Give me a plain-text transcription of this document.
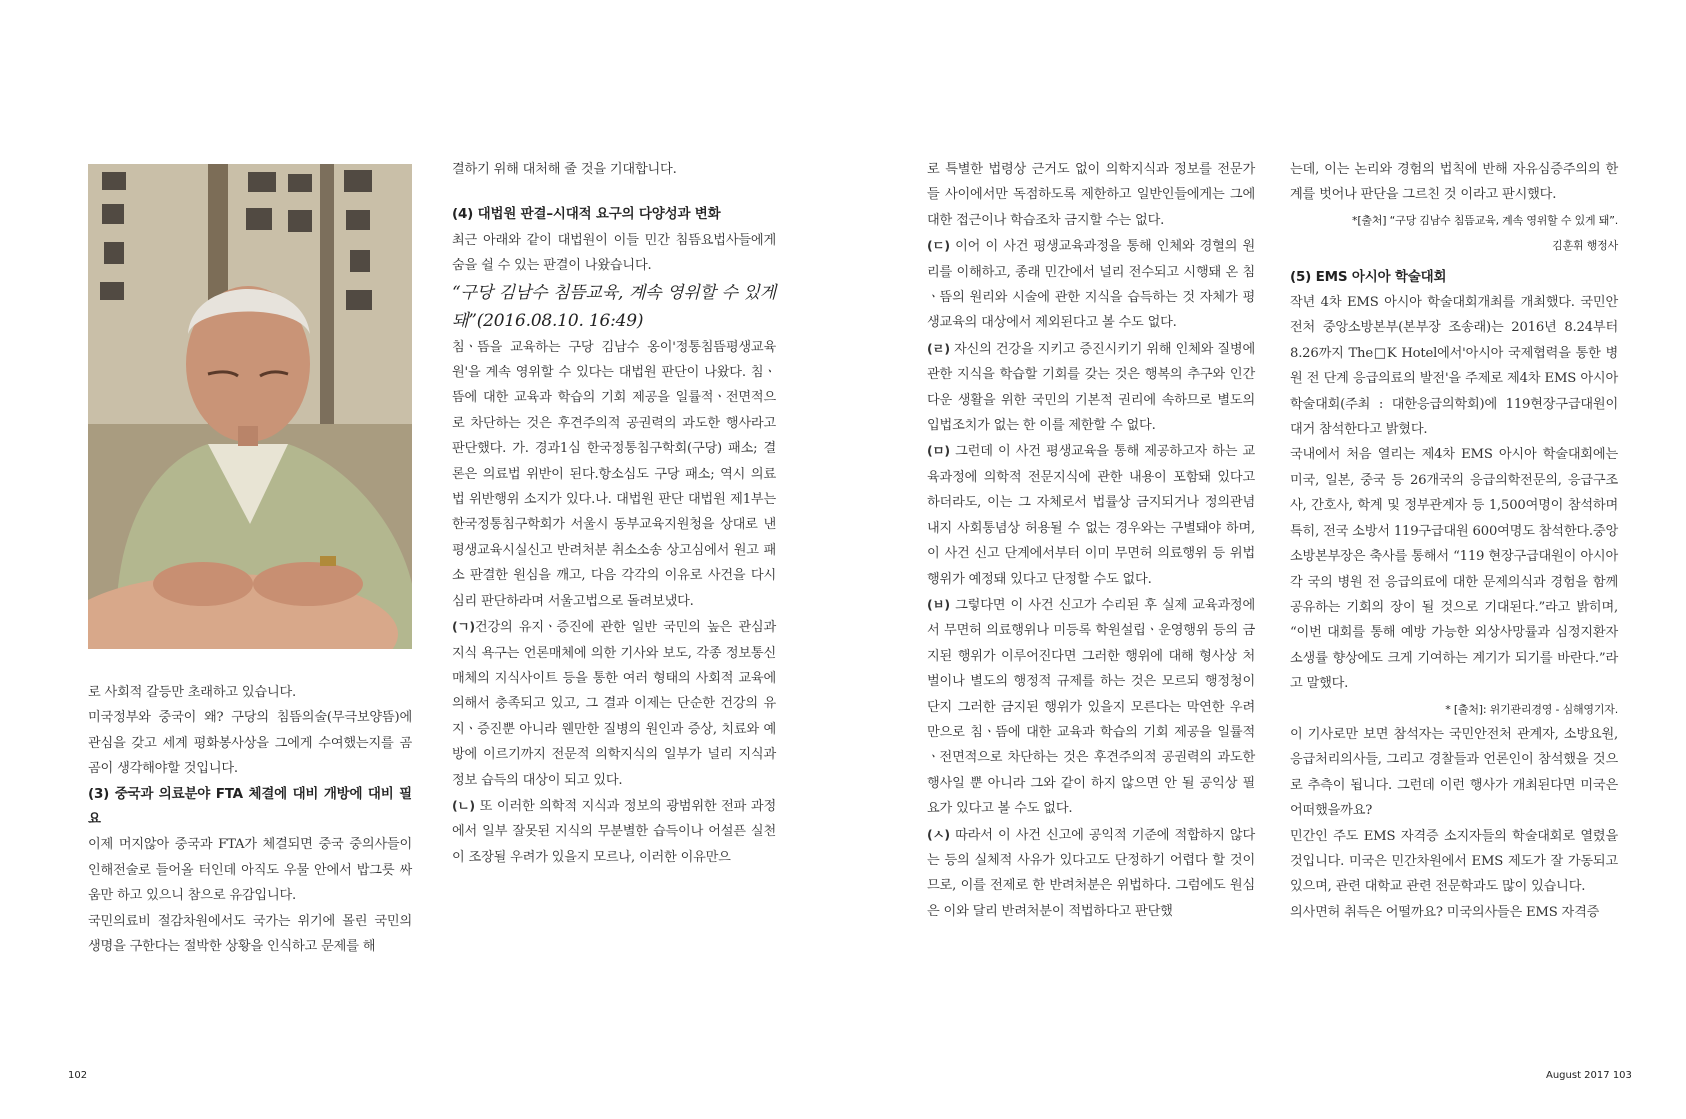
로 사회적 갈등만 초래하고 있습니다.

미국정부와 중국이 왜? 구당의 침뜸의술(무극보양뜸)에 관심을 갖고 세계 평화봉사상을 그에게 수여했는지를 곰곰이 생각해야할 것입니다.

(3) 중국과 의료분야 FTA 체결에 대비 개방에 대비 필요

이제 머지않아 중국과 FTA가 체결되면 중국 중의사들이 인해전술로 들어올 터인데 아직도 우물 안에서 밥그릇 싸움만 하고 있으니 참으로 유감입니다.

국민의료비 절감차원에서도 국가는 위기에 몰린 국민의 생명을 구한다는 절박한 상황을 인식하고 문제를 해

결하기 위해 대처해 줄 것을 기대합니다.

(4) 대법원 판결–시대적 요구의 다양성과 변화

최근 아래와 같이 대법원이 이들 민간 침뜸요법사들에게 숨을 쉴 수 있는 판결이 나왔습니다.

“구당 김남수 침뜸교육, 계속 영위할 수 있게 돼”(2016.08.10. 16:49)

침ㆍ뜸을 교육하는 구당 김남수 옹이'정통침뜸평생교육원'을 계속 영위할 수 있다는 대법원 판단이 나왔다. 침ㆍ뜸에 대한 교육과 학습의 기회 제공을 일률적ㆍ전면적으로 차단하는 것은 후견주의적 공권력의 과도한 행사라고 판단했다. 가. 경과1심 한국정통침구학회(구당) 패소; 결론은 의료법 위반이 된다.항소심도 구당 패소; 역시 의료법 위반행위 소지가 있다.나. 대법원 판단 대법원 제1부는 한국정통침구학회가 서울시 동부교육지원청을 상대로 낸 평생교육시실신고 반려처분 취소소송 상고심에서 원고 패소 판결한 원심을 깨고, 다음 각각의 이유로 사건을 다시 심리 판단하라며 서울고법으로 돌려보냈다.

(ㄱ)건강의 유지ㆍ증진에 관한 일반 국민의 높은 관심과 지식 욕구는 언론매체에 의한 기사와 보도, 각종 정보통신매체의 지식사이트 등을 통한 여러 형태의 사회적 교육에 의해서 충족되고 있고, 그 결과 이제는 단순한 건강의 유지ㆍ증진뿐 아니라 웬만한 질병의 원인과 증상, 치료와 예방에 이르기까지 전문적 의학지식의 일부가 널리 지식과 정보 습득의 대상이 되고 있다.

(ㄴ) 또 이러한 의학적 지식과 정보의 광범위한 전파 과정에서 일부 잘못된 지식의 무분별한 습득이나 어설픈 실천이 조장될 우려가 있을지 모르나, 이러한 이유만으

로 특별한 법령상 근거도 없이 의학지식과 정보를 전문가들 사이에서만 독점하도록 제한하고 일반인들에게는 그에 대한 접근이나 학습조차 금지할 수는 없다.

(ㄷ) 이어 이 사건 평생교육과정을 통해 인체와 경혈의 원리를 이해하고, 종래 민간에서 널리 전수되고 시행돼 온 침ㆍ뜸의 원리와 시술에 관한 지식을 습득하는 것 자체가 평생교육의 대상에서 제외된다고 볼 수도 없다.

(ㄹ) 자신의 건강을 지키고 증진시키기 위해 인체와 질병에 관한 지식을 학습할 기회를 갖는 것은 행복의 추구와 인간다운 생활을 위한 국민의 기본적 권리에 속하므로 별도의 입법조치가 없는 한 이를 제한할 수 없다.

(ㅁ) 그런데 이 사건 평생교육을 통해 제공하고자 하는 교육과정에 의학적 전문지식에 관한 내용이 포함돼 있다고 하더라도, 이는 그 자체로서 법률상 금지되거나 정의관념 내지 사회통념상 허용될 수 없는 경우와는 구별돼야 하며, 이 사건 신고 단계에서부터 이미 무면허 의료행위 등 위법행위가 예정돼 있다고 단정할 수도 없다.

(ㅂ) 그렇다면 이 사건 신고가 수리된 후 실제 교육과정에서 무면허 의료행위나 미등록 학원설립ㆍ운영행위 등의 금지된 행위가 이루어진다면 그러한 행위에 대해 형사상 처벌이나 별도의 행정적 규제를 하는 것은 모르되 행정청이 단지 그러한 금지된 행위가 있을지 모른다는 막연한 우려만으로 침ㆍ뜸에 대한 교육과 학습의 기회 제공을 일률적ㆍ전면적으로 차단하는 것은 후견주의적 공권력의 과도한 행사일 뿐 아니라 그와 같이 하지 않으면 안 될 공익상 필요가 있다고 볼 수도 없다.

(ㅅ) 따라서 이 사건 신고에 공익적 기준에 적합하지 않다는 등의 실체적 사유가 있다고도 단정하기 어렵다 할 것이므로, 이를 전제로 한 반려처분은 위법하다. 그럼에도 원심은 이와 달리 반려처분이 적법하다고 판단했

는데, 이는 논리와 경험의 법칙에 반해 자유심증주의의 한계를 벗어나 판단을 그르친 것 이라고 판시했다.

*[출처] “구당 김남수 침뜸교육, 계속 영위할 수 있게 돼”.

김훈휘 행정사

(5) EMS 아시아 학술대회

작년 4차 EMS 아시아 학술대회개최를 개최했다. 국민안전처 중앙소방본부(본부장 조송래)는 2016년 8.24부터 8.26까지 The□K Hotel에서'아시아 국제협력을 통한 병원 전 단계 응급의료의 발전'을 주제로 제4차 EMS 아시아 학술대회(주최 : 대한응급의학회)에 119현장구급대원이 대거 참석한다고 밝혔다.

국내에서 처음 열리는 제4차 EMS 아시아 학술대회에는 미국, 일본, 중국 등 26개국의 응급의학전문의, 응급구조사, 간호사, 학계 및 정부관계자 등 1,500여명이 참석하며 특히, 전국 소방서 119구급대원 600여명도 참석한다.중앙소방본부장은 축사를 통해서 “119 현장구급대원이 아시아 각 국의 병원 전 응급의료에 대한 문제의식과 경험을 함께 공유하는 기회의 장이 될 것으로 기대된다.”라고 밝히며, “이번 대회를 통해 예방 가능한 외상사망률과 심정지환자 소생률 향상에도 크게 기여하는 계기가 되기를 바란다.”라고 말했다.

* [출처]: 위기관리경영 - 심해영기자.

이 기사로만 보면 참석자는 국민안전처 관계자, 소방요원, 응급처리의사들, 그리고 경찰들과 언론인이 참석했을 것으로 추측이 됩니다. 그런데 이런 행사가 개최된다면 미국은 어떠했을까요?

민간인 주도 EMS 자격증 소지자들의 학술대회로 열렸을 것입니다. 미국은 민간차원에서 EMS 제도가 잘 가동되고 있으며, 관련 대학교 관련 전문학과도 많이 있습니다.

의사면허 취득은 어떨까요? 미국의사들은 EMS 자격증

102	August 2017 103
